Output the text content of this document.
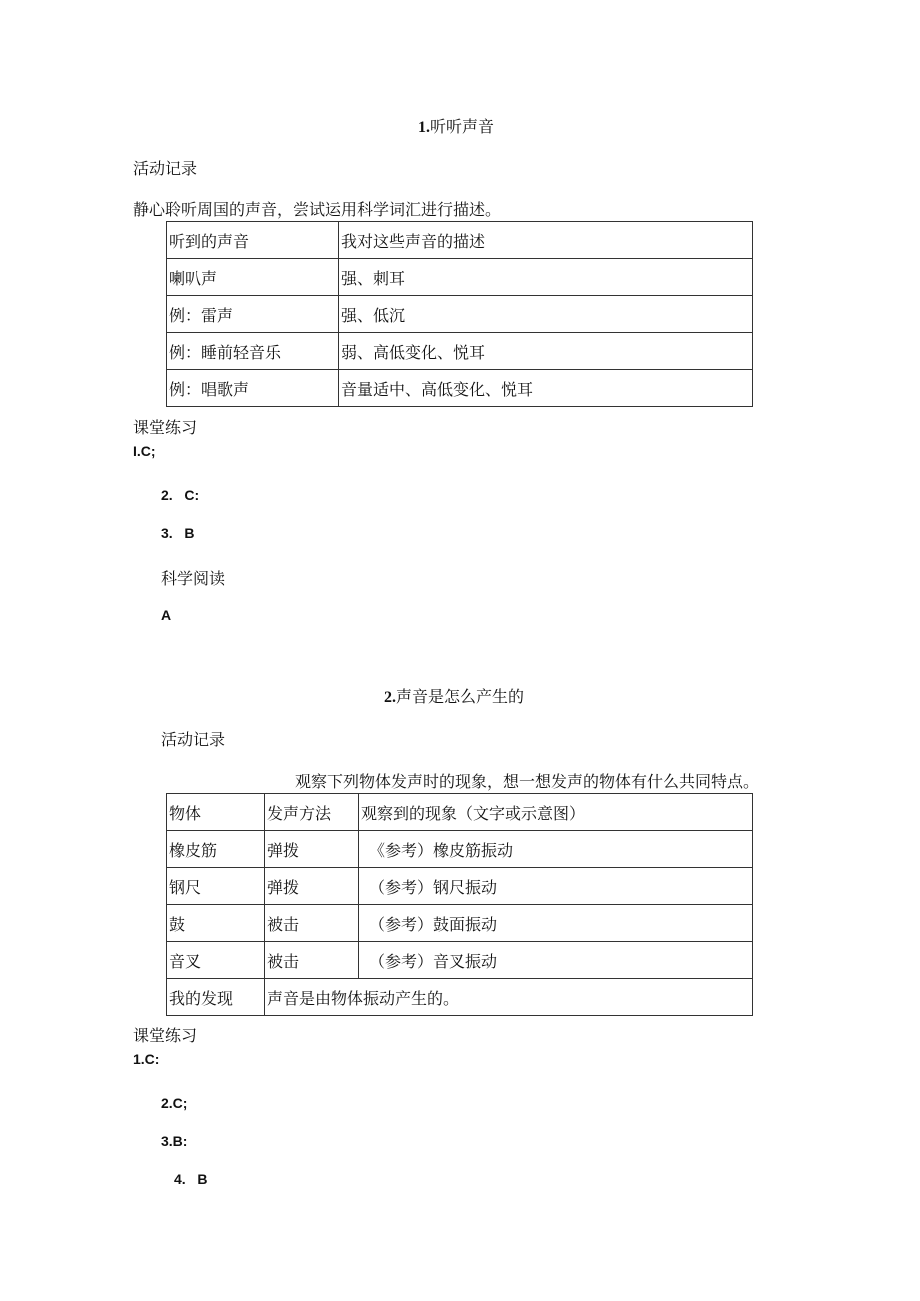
1.听听声音
活动记录
静心聆听周国的声音，尝试运用科学词汇进行描述。
听到的声音	我对这些声音的描述
喇叭声	强、刺耳
例：雷声	强、低沉
例：睡前轻音乐	弱、高低变化、悦耳
例：唱歌声	音量适中、高低变化、悦耳
课堂练习
I.C;
2.   C:
3.   B
科学阅读
A
2.声音是怎么产生的
活动记录
观察下列物体发声时的现象，想一想发声的物体有什么共同特点。
物体	发声方法	观察到的现象（文字或示意图）
橡皮筋	弹拨	《参考）橡皮筋振动
钢尺	弹拨	（参考）钢尺振动
鼓	被击	（参考）鼓面振动
音叉	被击	（参考）音叉振动
我的发现	声音是由物体振动产生的。	
课堂练习
1.C:
2.C;
3.B:
4.   B
